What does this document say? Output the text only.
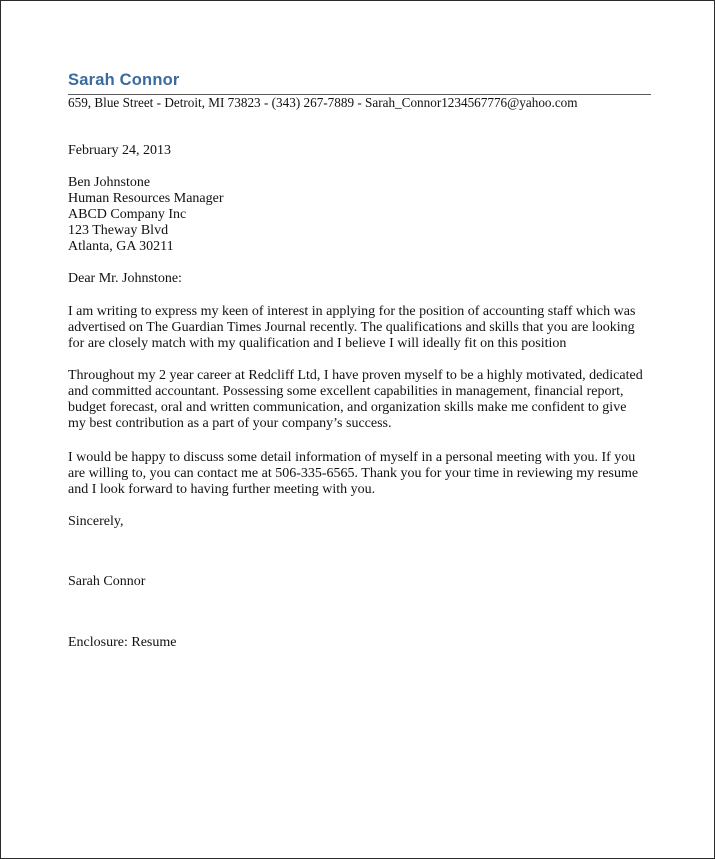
Sarah Connor
659, Blue Street - Detroit, MI 73823 - (343) 267-7889 - Sarah_Connor1234567776@yahoo.com
February 24, 2013
Ben Johnstone
Human Resources Manager
ABCD Company Inc
123 Theway Blvd
Atlanta, GA 30211
Dear Mr. Johnstone:
I am writing to express my keen of interest in applying for the position of accounting staff which was
advertised on The Guardian Times Journal recently. The qualifications and skills that you are looking
for are closely match with my qualification and I believe I will ideally fit on this position
Throughout my 2 year career at Redcliff Ltd, I have proven myself to be a highly motivated, dedicated
and committed accountant. Possessing some excellent capabilities in management, financial report,
budget forecast, oral and written communication, and organization skills make me confident to give
my best contribution as a part of your company’s success.
I would be happy to discuss some detail information of myself in a personal meeting with you. If you
are willing to, you can contact me at 506-335-6565. Thank you for your time in reviewing my resume
and I look forward to having further meeting with you.
Sincerely,
Sarah Connor
Enclosure: Resume
